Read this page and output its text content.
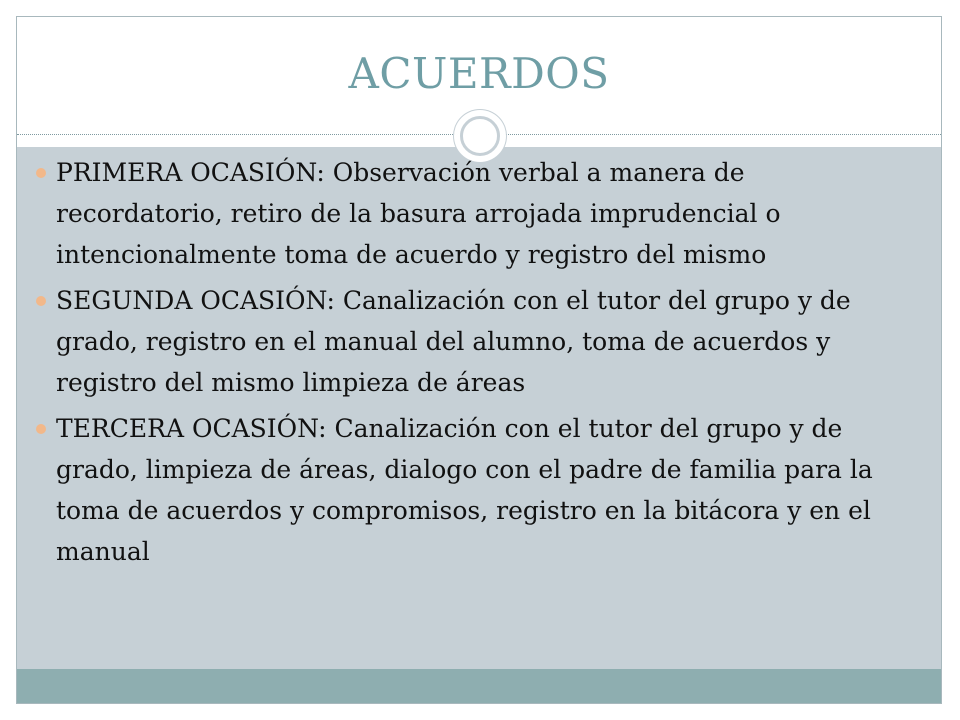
ACUERDOS
PRIMERA OCASIÓN: Observación verbal a manera de recordatorio, retiro de la basura arrojada imprudencial o intencionalmente toma de acuerdo y registro del mismo
SEGUNDA OCASIÓN: Canalización con el tutor del grupo y de grado, registro en el manual del alumno, toma de acuerdos y registro del mismo limpieza de áreas
TERCERA OCASIÓN: Canalización con el tutor del grupo y de grado, limpieza de áreas, dialogo con el padre de familia para la toma de acuerdos y compromisos, registro en la bitácora y en el manual
